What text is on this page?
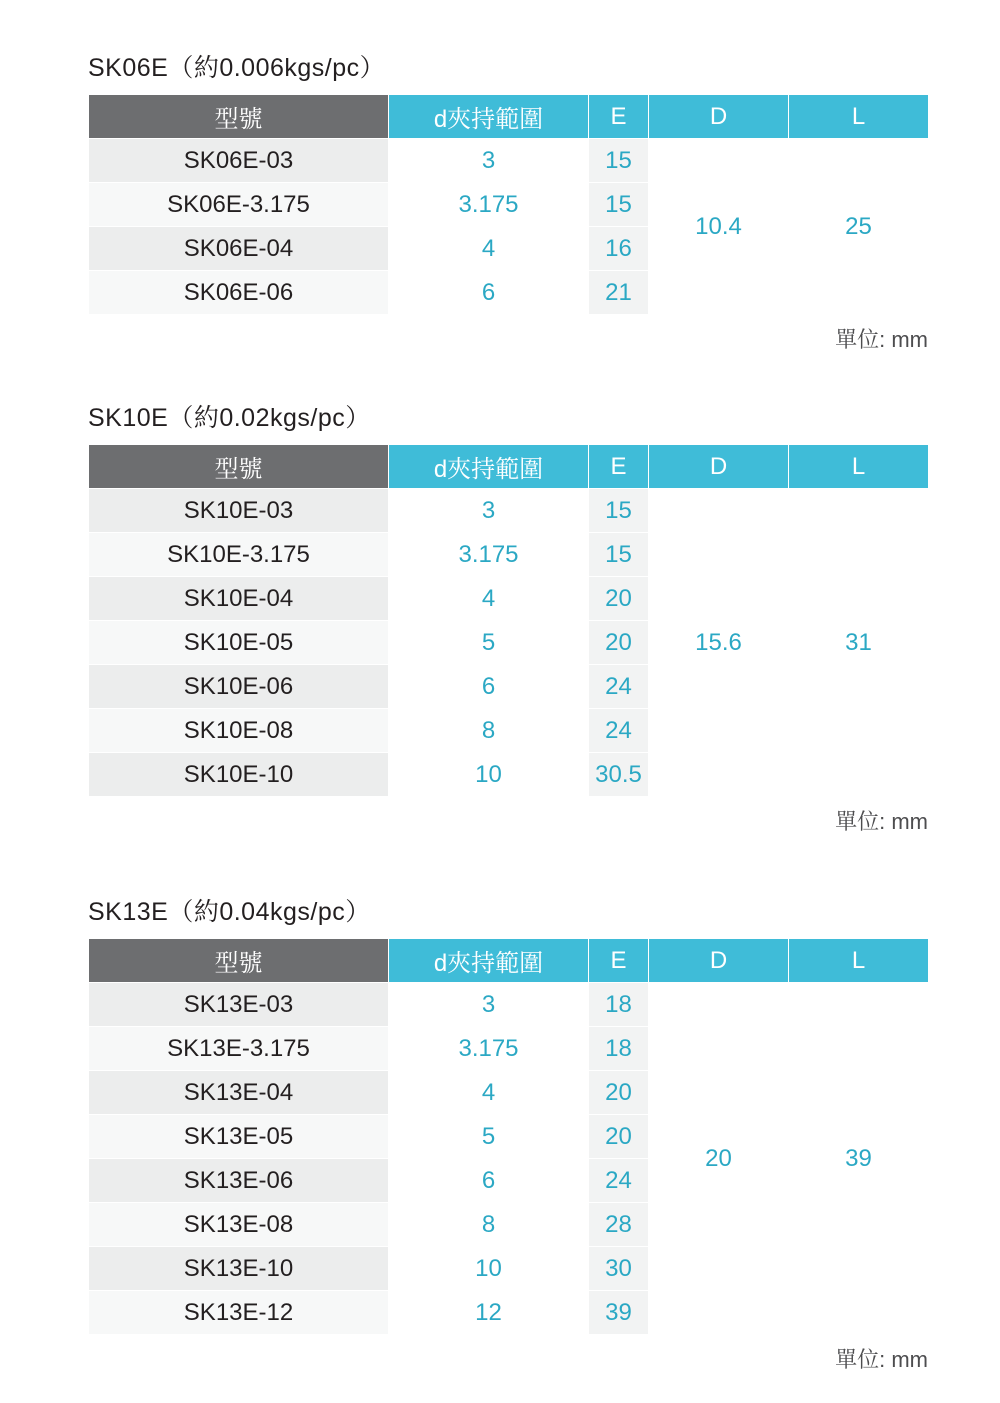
SK06E（約0.006kgs/pc）
型號	d夾持範圍	E	D	L
SK06E-03	3	15	10.4	25
SK06E-3.175	3.175	15		
SK06E-04	4	16		
SK06E-06	6	21		
單位: mm
SK10E（約0.02kgs/pc）
型號	d夾持範圍	E	D	L
SK10E-03	3	15	15.6	31
SK10E-3.175	3.175	15		
SK10E-04	4	20		
SK10E-05	5	20		
SK10E-06	6	24		
SK10E-08	8	24		
SK10E-10	10	30.5		
單位: mm
SK13E（約0.04kgs/pc）
型號	d夾持範圍	E	D	L
SK13E-03	3	18	20	39
SK13E-3.175	3.175	18		
SK13E-04	4	20		
SK13E-05	5	20		
SK13E-06	6	24		
SK13E-08	8	28		
SK13E-10	10	30		
SK13E-12	12	39		
單位: mm
